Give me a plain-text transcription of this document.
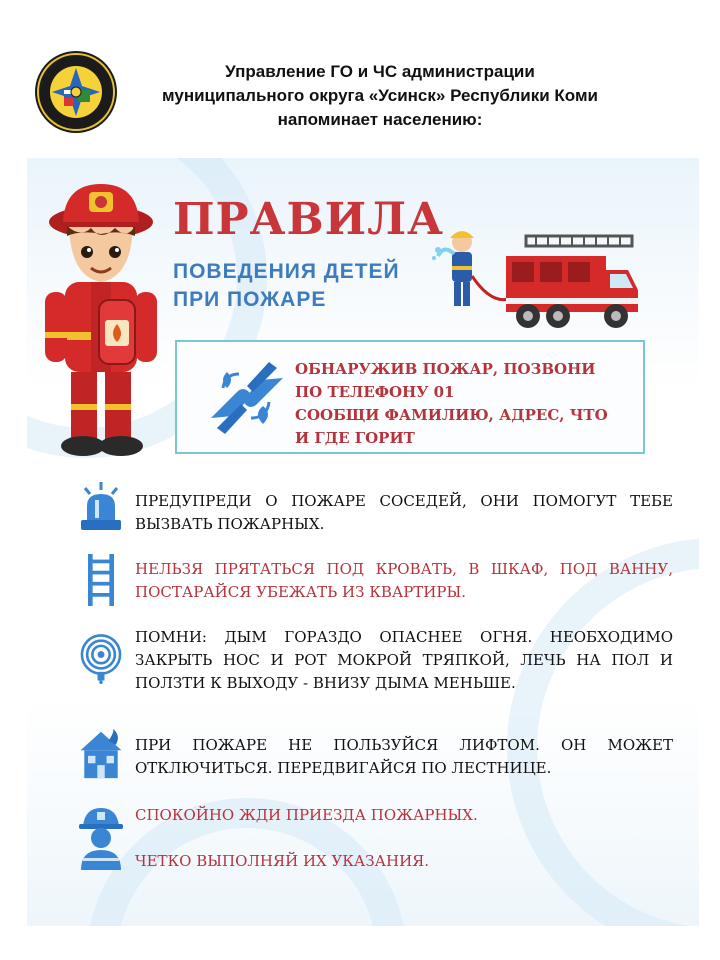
Управление ГО и ЧС администрации
муниципального округа «Усинск» Республики Коми
напоминает населению:
ПРАВИЛА
ПОВЕДЕНИЯ ДЕТЕЙ
ПРИ ПОЖАРЕ
ОБНАРУЖИВ ПОЖАР, ПОЗВОНИ
ПО ТЕЛЕФОНУ 01
СООБЩИ ФАМИЛИЮ, АДРЕС, ЧТО
И ГДЕ ГОРИТ
ПРЕДУПРЕДИ О ПОЖАРЕ СОСЕДЕЙ, ОНИ ПОМОГУТ ТЕБЕ ВЫЗВАТЬ ПОЖАРНЫХ.
НЕЛЬЗЯ ПРЯТАТЬСЯ ПОД КРОВАТЬ, В ШКАФ, ПОД ВАННУ, ПОСТАРАЙСЯ УБЕЖАТЬ ИЗ КВАРТИРЫ.
ПОМНИ: ДЫМ ГОРАЗДО ОПАСНЕЕ ОГНЯ. НЕОБХОДИМО ЗАКРЫТЬ НОС И РОТ МОКРОЙ ТРЯПКОЙ, ЛЕЧЬ НА ПОЛ И ПОЛЗТИ К ВЫХОДУ - ВНИЗУ ДЫМА МЕНЬШЕ.
ПРИ ПОЖАРЕ НЕ ПОЛЬЗУЙСЯ ЛИФТОМ. ОН МОЖЕТ ОТКЛЮЧИТЬСЯ. ПЕРЕДВИГАЙСЯ ПО ЛЕСТНИЦЕ.
СПОКОЙНО ЖДИ ПРИЕЗДА ПОЖАРНЫХ.
ЧЕТКО ВЫПОЛНЯЙ ИХ УКАЗАНИЯ.
